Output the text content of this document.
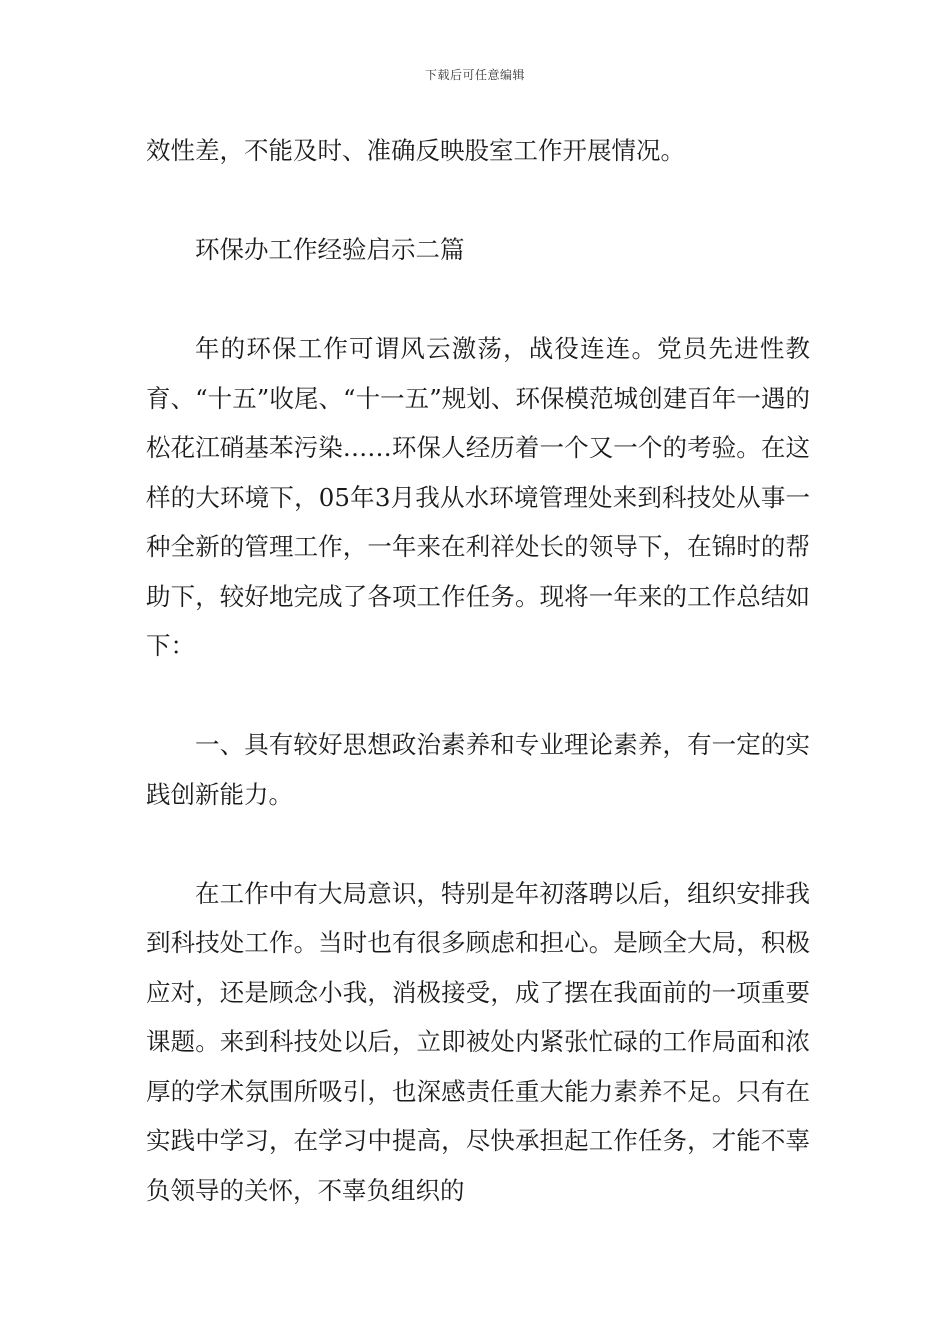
下载后可任意编辑

效性差，不能及时、准确反映股室工作开展情况。

环保办工作经验启示二篇

年的环保工作可谓风云激荡，战役连连。党员先进性教育、“十五”收尾、“十一五”规划、环保模范城创建百年一遇的松花江硝基苯污染……环保人经历着一个又一个的考验。在这样的大环境下，05年3月我从水环境管理处来到科技处从事一种全新的管理工作，一年来在利祥处长的领导下，在锦时的帮助下，较好地完成了各项工作任务。现将一年来的工作总结如下：

一、具有较好思想政治素养和专业理论素养，有一定的实践创新能力。

在工作中有大局意识，特别是年初落聘以后，组织安排我到科技处工作。当时也有很多顾虑和担心。是顾全大局，积极应对，还是顾念小我，消极接受，成了摆在我面前的一项重要课题。来到科技处以后，立即被处内紧张忙碌的工作局面和浓厚的学术氛围所吸引，也深感责任重大能力素养不足。只有在实践中学习，在学习中提高，尽快承担起工作任务，才能不辜负领导的关怀，不辜负组织的
